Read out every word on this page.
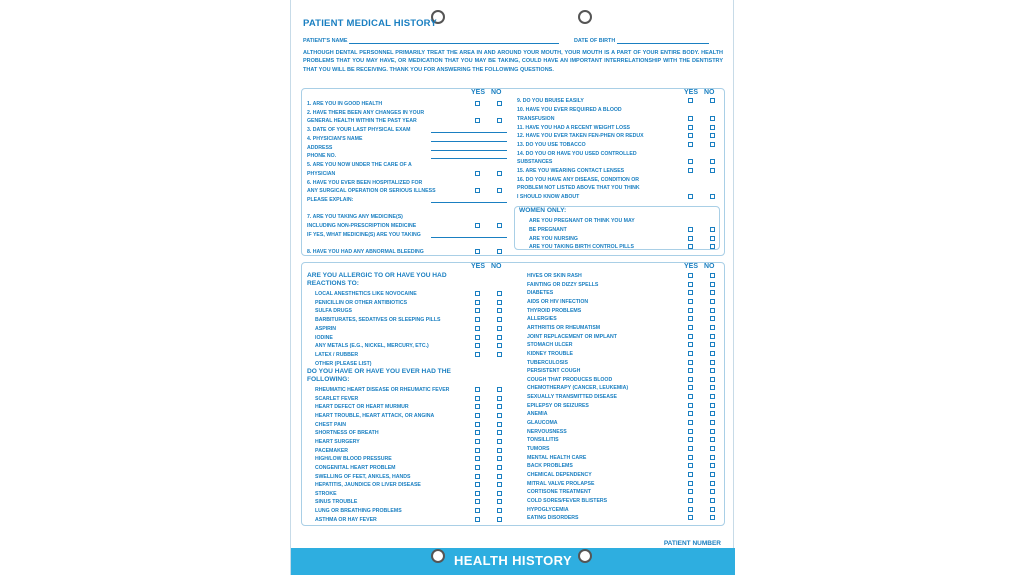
PATIENT MEDICAL HISTORY
PATIENT'S NAME	DATE OF BIRTH
ALTHOUGH DENTAL PERSONNEL PRIMARILY TREAT THE AREA IN AND AROUND YOUR MOUTH, YOUR MOUTH IS A PART OF YOUR ENTIRE BODY. HEALTH PROBLEMS THAT YOU MAY HAVE, OR MEDICATION THAT YOU MAY BE TAKING, COULD HAVE AN IMPORTANT INTERRELATIONSHIP WITH THE DENTISTRY THAT YOU WILL BE RECEIVING. THANK YOU FOR ANSWERING THE FOLLOWING QUESTIONS.
YES NO
1. ARE YOU IN GOOD HEALTH
2. HAVE THERE BEEN ANY CHANGES IN YOUR
GENERAL HEALTH WITHIN THE PAST YEAR
3. DATE OF YOUR LAST PHYSICAL EXAM
4. PHYSICIAN'S NAME
ADDRESS
PHONE NO.
5. ARE YOU NOW UNDER THE CARE OF A
PHYSICIAN
6. HAVE YOU EVER BEEN HOSPITALIZED FOR
ANY SURGICAL OPERATION OR SERIOUS ILLNESS
PLEASE EXPLAIN:
7. ARE YOU TAKING ANY MEDICINE(S)
INCLUDING NON-PRESCRIPTION MEDICINE
IF YES, WHAT MEDICINE(S) ARE YOU TAKING
8. HAVE YOU HAD ANY ABNORMAL BLEEDING
YES NO
9. DO YOU BRUISE EASILY
10. HAVE YOU EVER REQUIRED A BLOOD
TRANSFUSION
11. HAVE YOU HAD A RECENT WEIGHT LOSS
12. HAVE YOU EVER TAKEN FEN-PHEN OR REDUX
13. DO YOU USE TOBACCO
14. DO YOU OR HAVE YOU USED CONTROLLED
SUBSTANCES
15. ARE YOU WEARING CONTACT LENSES
16. DO YOU HAVE ANY DISEASE, CONDITION OR
PROBLEM NOT LISTED ABOVE THAT YOU THINK
I SHOULD KNOW ABOUT
WOMEN ONLY:
ARE YOU PREGNANT OR THINK YOU MAY
BE PREGNANT
ARE YOU NURSING
ARE YOU TAKING BIRTH CONTROL PILLS
YES NO	YES NO
ARE YOU ALLERGIC TO OR HAVE YOU HAD
REACTIONS TO:
LOCAL ANESTHETICS LIKE NOVOCAINE
PENICILLIN OR OTHER ANTIBIOTICS
SULFA DRUGS
BARBITURATES, SEDATIVES OR SLEEPING PILLS
ASPIRIN
IODINE
ANY METALS (E.G., NICKEL, MERCURY, ETC.)
LATEX / RUBBER
OTHER (PLEASE LIST)
DO YOU HAVE OR HAVE YOU EVER HAD THE
FOLLOWING:
RHEUMATIC HEART DISEASE OR RHEUMATIC FEVER
SCARLET FEVER
HEART DEFECT OR HEART MURMUR
HEART TROUBLE, HEART ATTACK, OR ANGINA
CHEST PAIN
SHORTNESS OF BREATH
HEART SURGERY
PACEMAKER
HIGH/LOW BLOOD PRESSURE
CONGENITAL HEART PROBLEM
SWELLING OF FEET, ANKLES, HANDS
HEPATITIS, JAUNDICE OR LIVER DISEASE
STROKE
SINUS TROUBLE
LUNG OR BREATHING PROBLEMS
ASTHMA OR HAY FEVER
HIVES OR SKIN RASH
FAINTING OR DIZZY SPELLS
DIABETES
AIDS OR HIV INFECTION
THYROID PROBLEMS
ALLERGIES
ARTHRITIS OR RHEUMATISM
JOINT REPLACEMENT OR IMPLANT
STOMACH ULCER
KIDNEY TROUBLE
TUBERCULOSIS
PERSISTENT COUGH
COUGH THAT PRODUCES BLOOD
CHEMOTHERAPY (CANCER, LEUKEMIA)
SEXUALLY TRANSMITTED DISEASE
EPILEPSY OR SEIZURES
ANEMIA
GLAUCOMA
NERVOUSNESS
TONSILLITIS
TUMORS
MENTAL HEALTH CARE
BACK PROBLEMS
CHEMICAL DEPENDENCY
MITRAL VALVE PROLAPSE
CORTISONE TREATMENT
COLD SORES/FEVER BLISTERS
HYPOGLYCEMIA
EATING DISORDERS
PATIENT NUMBER
HEALTH HISTORY
